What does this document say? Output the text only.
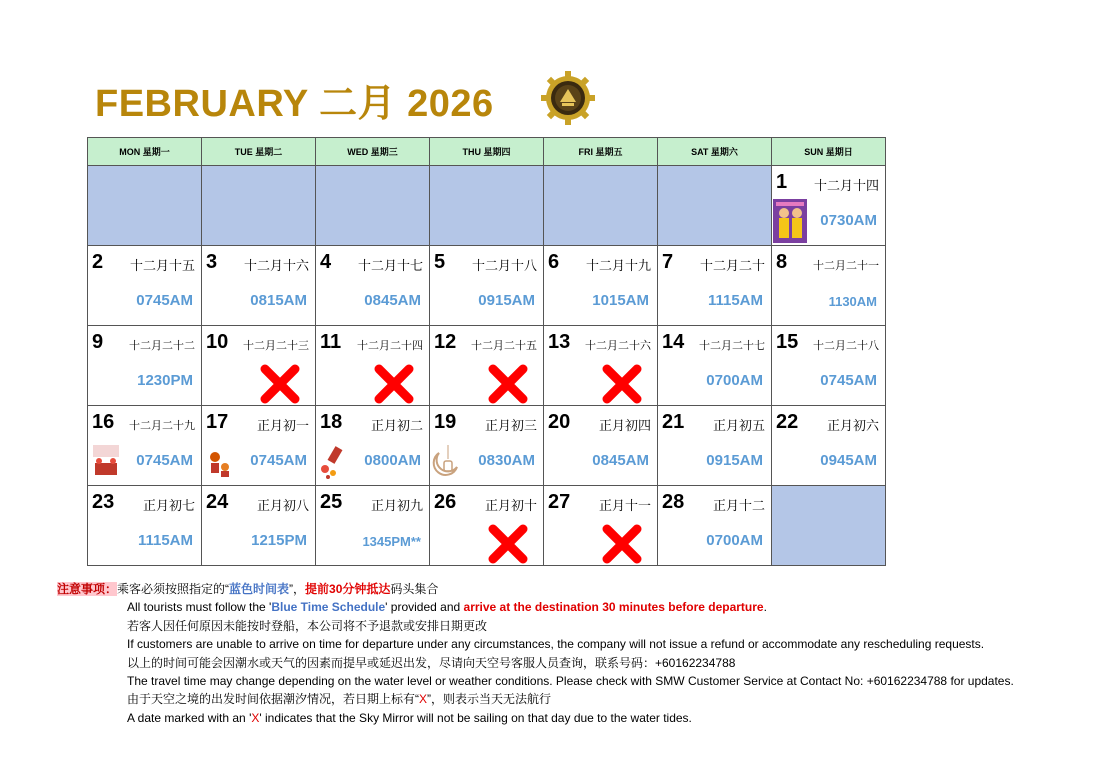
FEBRUARY 二月 2026
MON 星期一	TUE 星期二	WED 星期三	THU 星期四	FRI 星期五	SAT 星期六	SUN 星期日

						1 十二月十四
0730AM

2 十二月十五
0745AM	3 十二月十六
0815AM	4 十二月十七
0845AM	5 十二月十八
0915AM	6 十二月十九
1015AM	7 十二月二十
1115AM	8 十二月二十一
1130AM

9 十二月二十二
1230PM	10 十二月二十三	11 十二月二十四	12 十二月二十五	13 十二月二十六	14 十二月二十七
0700AM	15 十二月二十八
0745AM

16 十二月二十九
0745AM	17 正月初一
0745AM	18 正月初二
0800AM	19 正月初三
0830AM	20 正月初四
0845AM	21 正月初五
0915AM	22 正月初六
0945AM

23 正月初七
1115AM	24 正月初八
1215PM	25 正月初九
1345PM**	26 正月初十	27 正月十一	28 正月十二
0700AM	

注意事项：乘客必须按照指定的“蓝色时间表”，提前30分钟抵达码头集合
All tourists must follow the 'Blue Time Schedule' provided and arrive at the destination 30 minutes before departure.
若客人因任何原因未能按时登船，本公司将不予退款或安排日期更改
If customers are unable to arrive on time for departure under any circumstances, the company will not issue a refund or accommodate any rescheduling requests.
以上的时间可能会因潮水或天气的因素而提早或延迟出发，尽请向天空号客服人员查询，联系号码：+60162234788
The travel time may change depending on the water level or weather conditions. Please check with SMW Customer Service at Contact No: +60162234788 for updates.
由于天空之境的出发时间依据潮汐情况，若日期上标有“X”，则表示当天无法航行
A date marked with an 'X' indicates that the Sky Mirror will not be sailing on that day due to the water tides.
